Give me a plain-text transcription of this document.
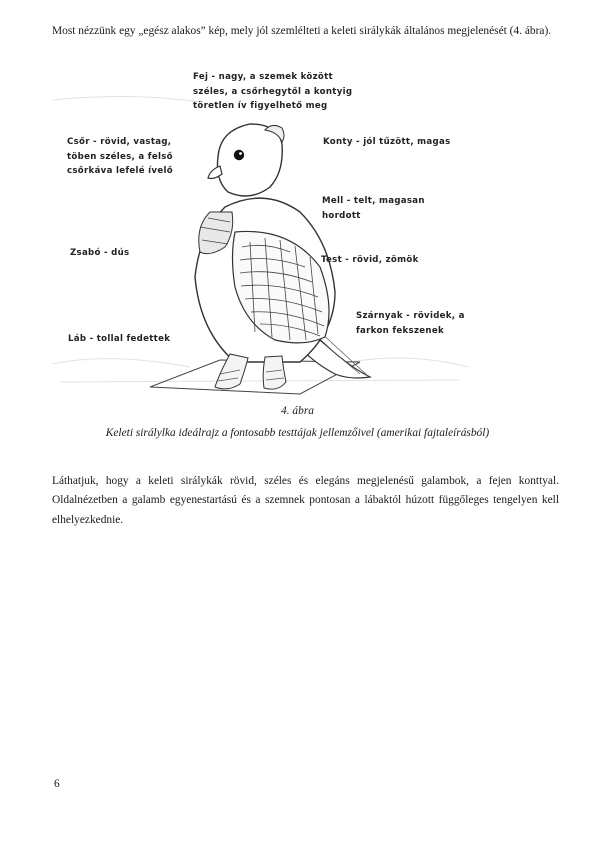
Most nézzünk egy „egész alakos” kép, mely jól szemlélteti a keleti sirálykák általános megjelenését (4. ábra).

Fej - nagy, a szemek között
széles, a csőrhegytől a kontyig
töretlen ív figyelhető meg
Csőr - rövid, vastag,
töben széles, a felső
csőrkáva lefelé ívelő
Konty - jól tűzött, magas
Mell - telt, magasan
hordott
Zsabó - dús
Test - rövid, zömök
Szárnyak - rövidek, a
farkon fekszenek
Láb - tollal fedettek

4. ábra

Keleti sirálylka ideálrajz a fontosabb testtájak jellemzőivel (amerikai fajtaleírásból)

Láthatjuk, hogy a keleti sirálykák rövid, széles és elegáns megjelenésű galambok, a fejen konttyal. Oldalnézetben a galamb egyenestartású és a szemnek pontosan a lábaktól húzott függőleges tengelyen kell elhelyezkednie.

6
